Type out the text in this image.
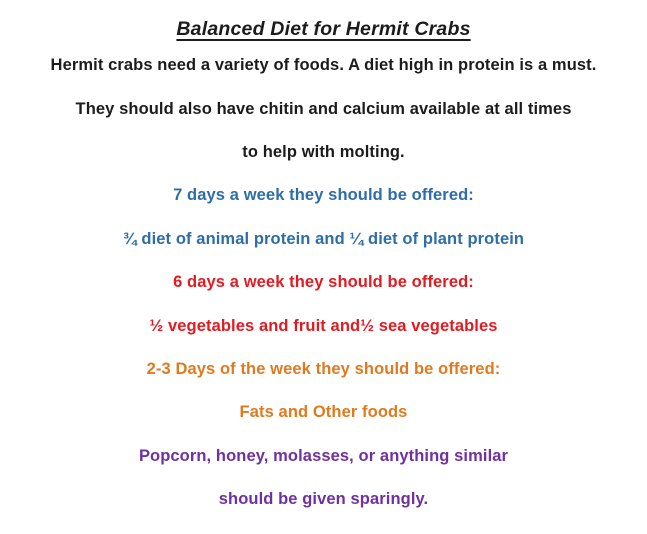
Balanced Diet for Hermit Crabs

Hermit crabs need a variety of foods. A diet high in protein is a must.

They should also have chitin and calcium available at all times

to help with molting.

7 days a week they should be offered:

¾ diet of animal protein and ¼ diet of plant protein

6 days a week they should be offered:

½ vegetables and fruit and½ sea vegetables

2-3 Days of the week they should be offered:

Fats and Other foods

Popcorn, honey, molasses, or anything similar

should be given sparingly.
